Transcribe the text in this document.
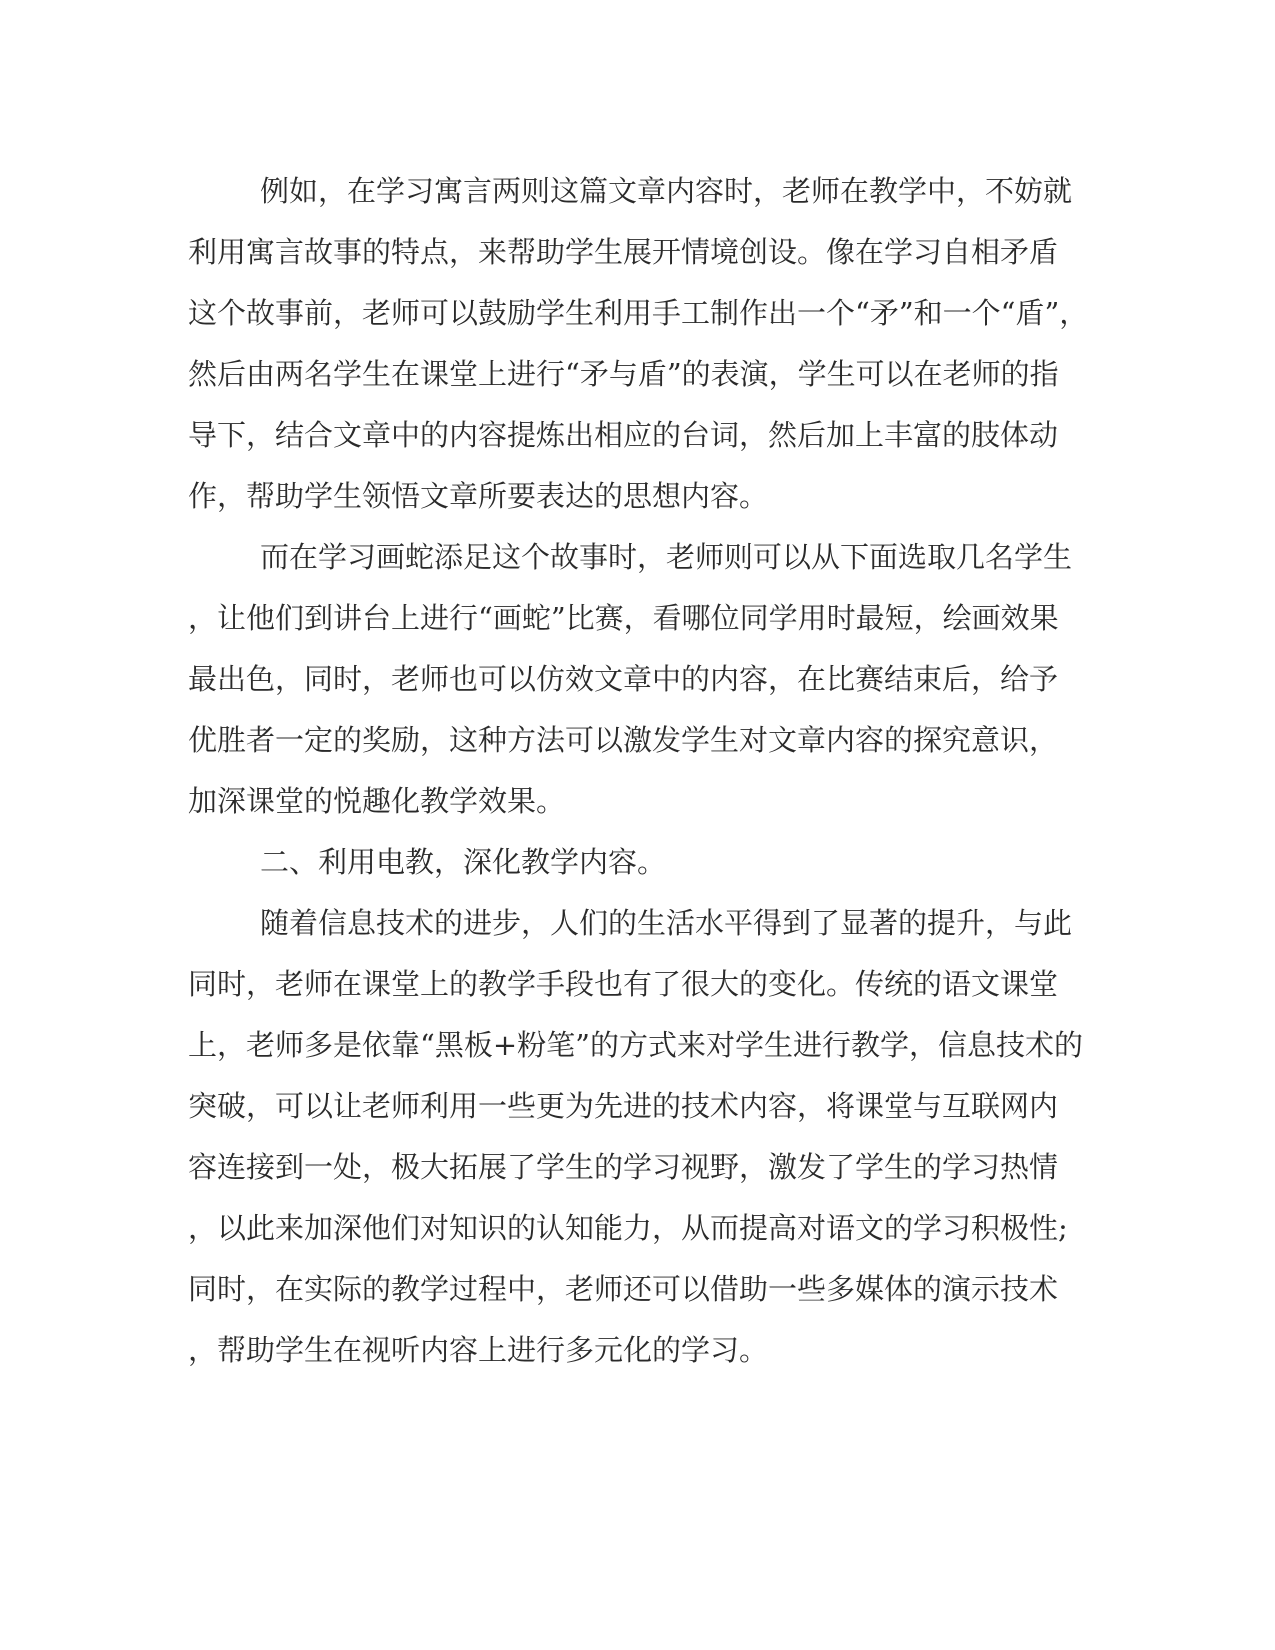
例如，在学习寓言两则这篇文章内容时，老师在教学中，不妨就
利用寓言故事的特点，来帮助学生展开情境创设。像在学习自相矛盾
这个故事前，老师可以鼓励学生利用手工制作出一个“矛”和一个“盾”，
然后由两名学生在课堂上进行“矛与盾”的表演，学生可以在老师的指
导下，结合文章中的内容提炼出相应的台词，然后加上丰富的肢体动
作，帮助学生领悟文章所要表达的思想内容。
而在学习画蛇添足这个故事时，老师则可以从下面选取几名学生
，让他们到讲台上进行“画蛇”比赛，看哪位同学用时最短，绘画效果
最出色，同时，老师也可以仿效文章中的内容，在比赛结束后，给予
优胜者一定的奖励，这种方法可以激发学生对文章内容的探究意识，
加深课堂的悦趣化教学效果。
二、利用电教，深化教学内容。
随着信息技术的进步，人们的生活水平得到了显著的提升，与此
同时，老师在课堂上的教学手段也有了很大的变化。传统的语文课堂
上，老师多是依靠“黑板+粉笔”的方式来对学生进行教学，信息技术的
突破，可以让老师利用一些更为先进的技术内容，将课堂与互联网内
容连接到一处，极大拓展了学生的学习视野，激发了学生的学习热情
，以此来加深他们对知识的认知能力，从而提高对语文的学习积极性;
同时，在实际的教学过程中，老师还可以借助一些多媒体的演示技术
，帮助学生在视听内容上进行多元化的学习。
